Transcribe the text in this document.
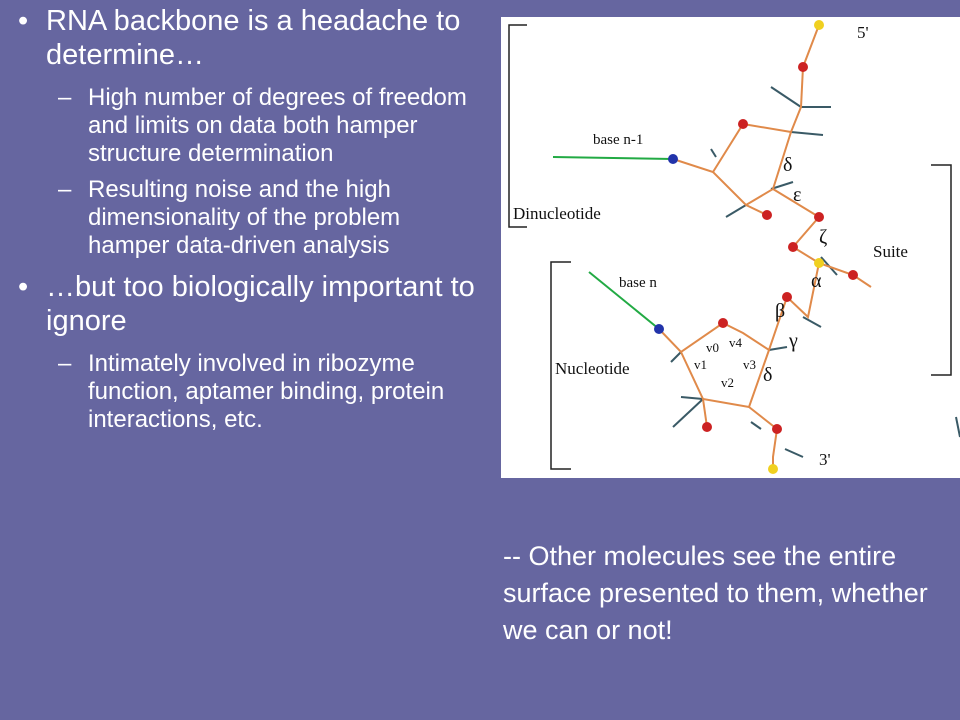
• RNA backbone is a headache to determine…
– High number of degrees of freedom and limits on data both hamper structure determination
– Resulting noise and the high dimensionality of the problem hamper data-driven analysis
• …but too biologically important to ignore
– Intimately involved in ribozyme function, aptamer binding, protein interactions, etc.
5'
3'
base n-1
base n
Dinucleotide
Nucleotide
Suite
δ
ε
ζ
α
β
γ
δ
v0 v4
v1	v3
v2
-- Other molecules see the entire surface presented to them, whether we can or not!
